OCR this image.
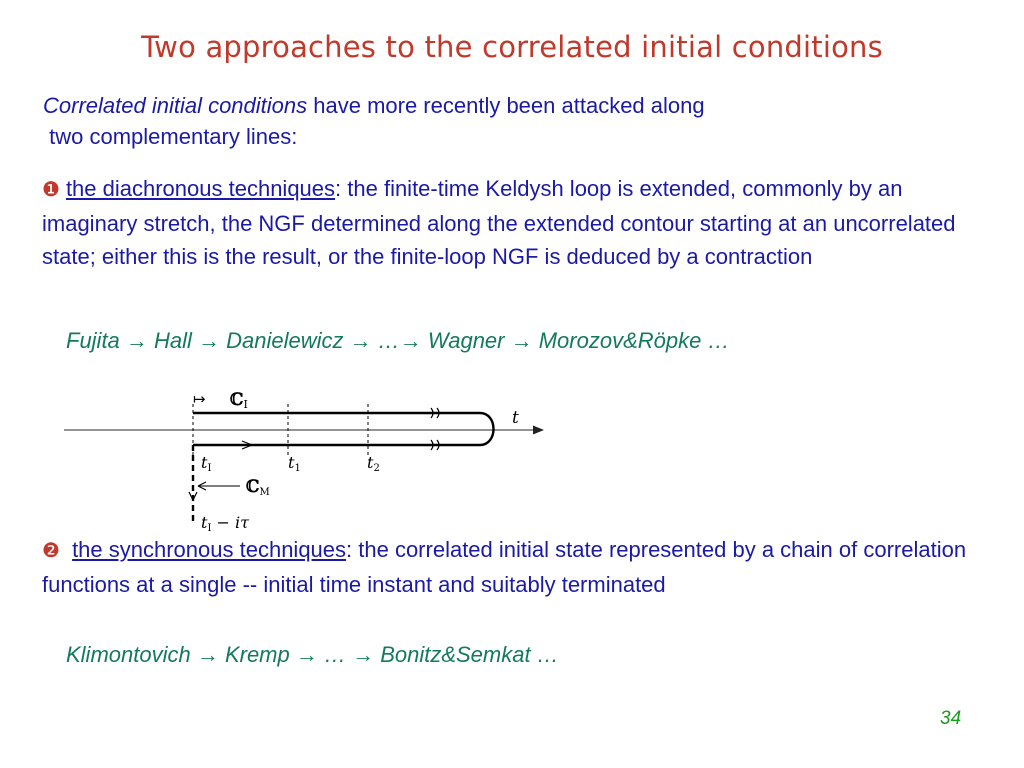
Two approaches to the correlated initial conditions
Correlated initial conditions have more recently been attacked along
two complementary lines:
❶ the diachronous techniques: the finite-time Keldysh loop is extended, commonly by an imaginary stretch, the NGF determined along the extended contour starting at an uncorrelated state; either this is the result, or the finite-loop NGF is deduced by a contraction
Fujita → Hall → Danielewicz → …→ Wagner → Morozov&Röpke …
↦ ℂI
t
tI	t1	t2
ℂM
tI − iτ
❷ the synchronous techniques: the correlated initial state represented by a chain of correlation functions at a single -- initial time instant and suitably terminated
Klimontovich → Kremp → … → Bonitz&Semkat …
34
